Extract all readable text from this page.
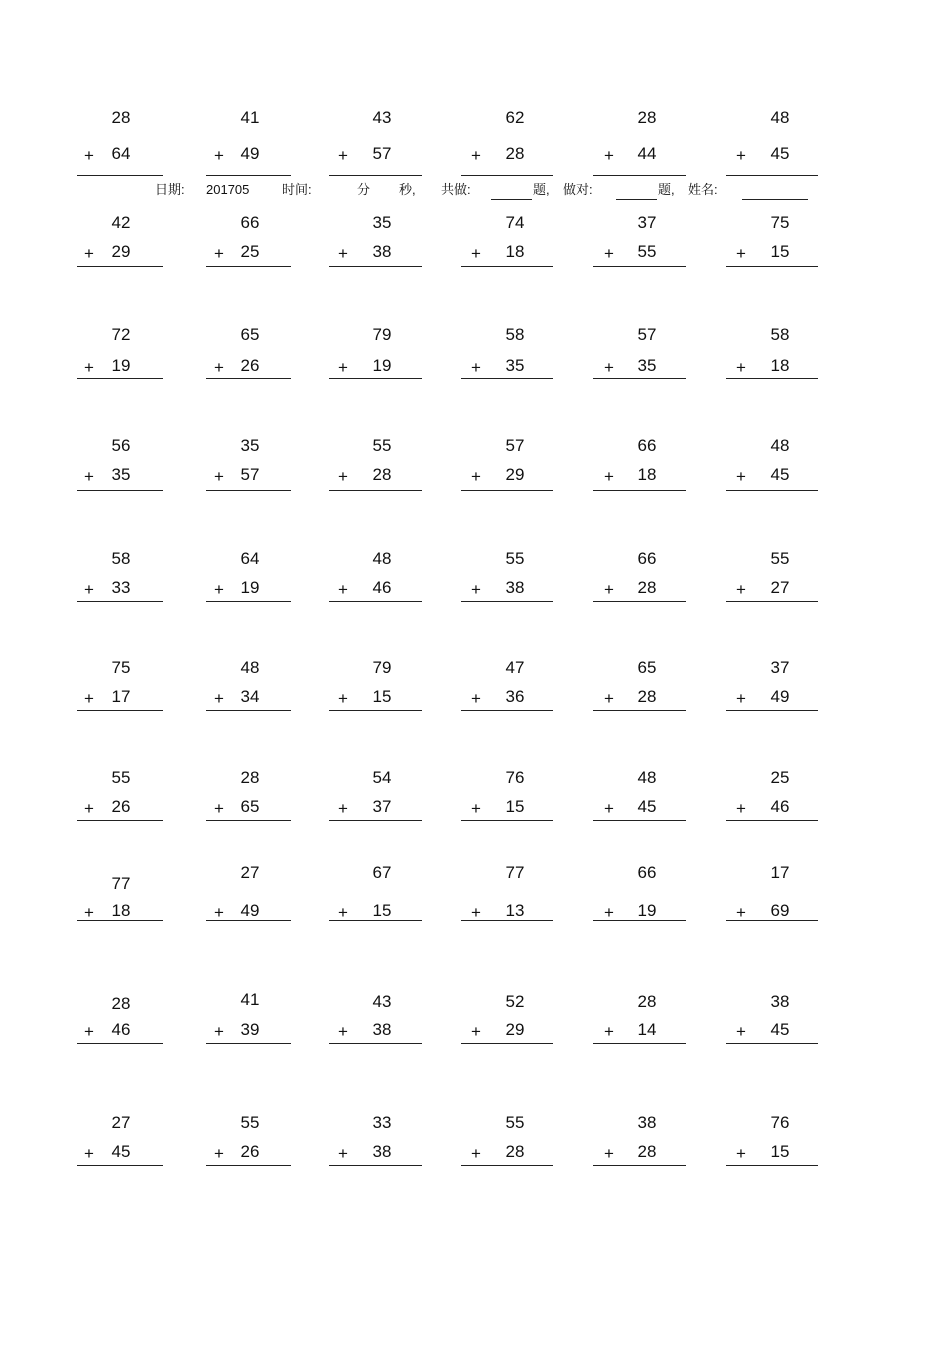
日期: 201705	时间:	分 秒, 共做:	题, 做对:	题, 姓名:
28
+	64
41
+ 49
43
+	57
62
+	28
28
+	44
48
+	45
42
+	29
66
+ 25
35
+	38
74
+	18
37
+	55
75
+	15
72
+	19
65
+ 26
79
+	19
58
+	35
57
+	35
58
+	18
56
+	35
35
+ 57
55
+	28
57
+	29
66
+	18
48
+	45
58
+	33
64
+ 19
48
+	46
55
+	38
66
+	28
55
+	27
75
+	17
48
+ 34
79
+	15
47
+	36
65
+	28
37
+	49
55
+	26
28
+ 65
54
+	37
76
+	15
48
+	45
25
+	46
77
+	18
27
+ 49
67
+	15
77
+	13
66
+	19
17
+	69
28
+	46
41
+ 39
43
+	38
52
+	29
28
+	14
38
+	45
27
+	45
55
+ 26
33
+	38
55
+	28
38
+	28
76
+	15
